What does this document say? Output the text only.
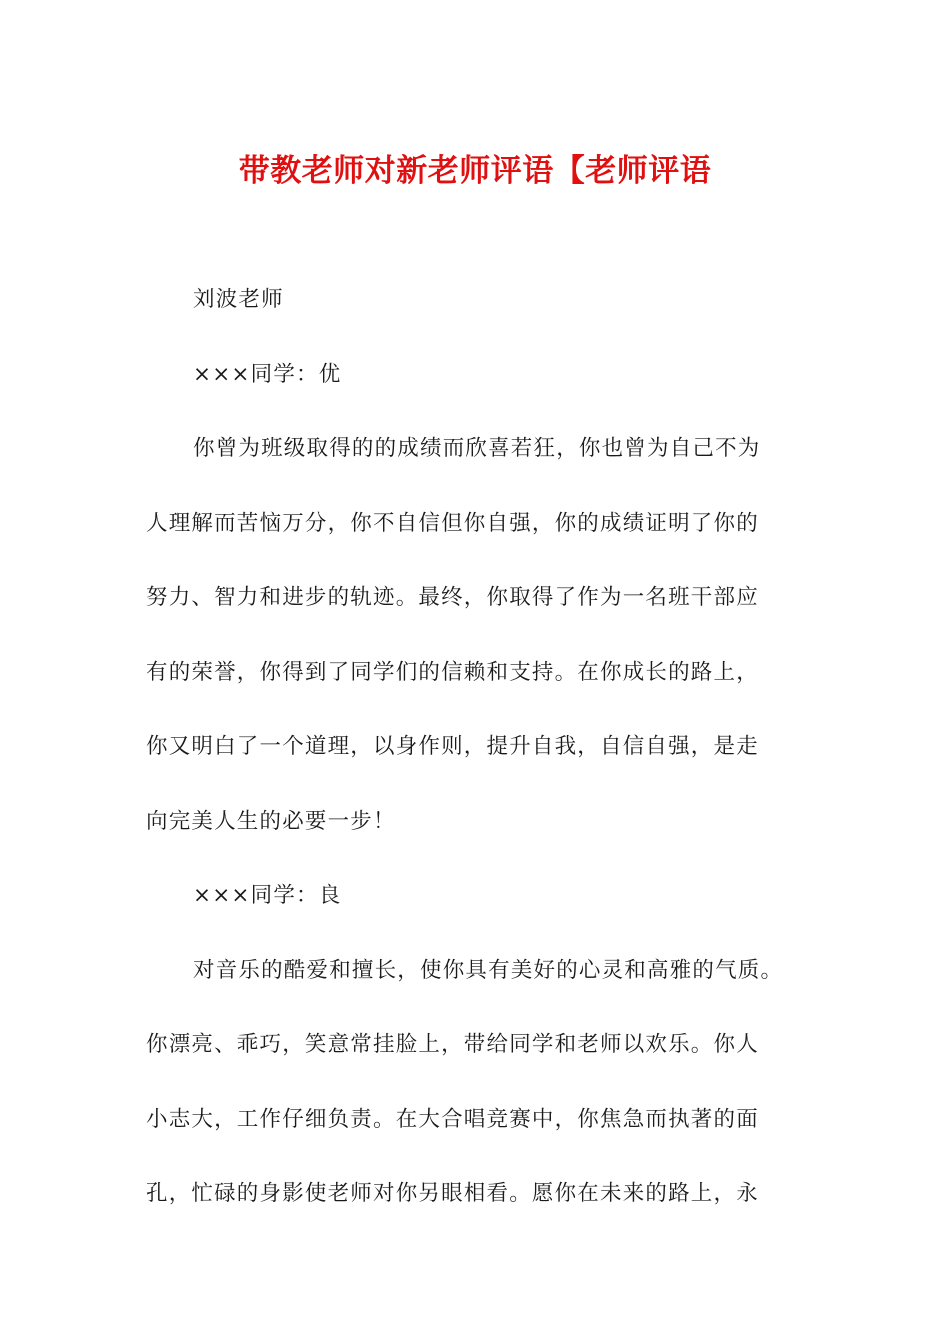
带教老师对新老师评语【老师评语

刘波老师

×××同学：优

你曾为班级取得的的成绩而欣喜若狂，你也曾为自己不为

人理解而苦恼万分，你不自信但你自强，你的成绩证明了你的

努力、智力和进步的轨迹。最终，你取得了作为一名班干部应

有的荣誉，你得到了同学们的信赖和支持。在你成长的路上，

你又明白了一个道理，以身作则，提升自我，自信自强，是走

向完美人生的必要一步！

×××同学：良

对音乐的酷爱和擅长，使你具有美好的心灵和高雅的气质。

你漂亮、乖巧，笑意常挂脸上，带给同学和老师以欢乐。你人

小志大，工作仔细负责。在大合唱竞赛中，你焦急而执著的面

孔，忙碌的身影使老师对你另眼相看。愿你在未来的路上，永
